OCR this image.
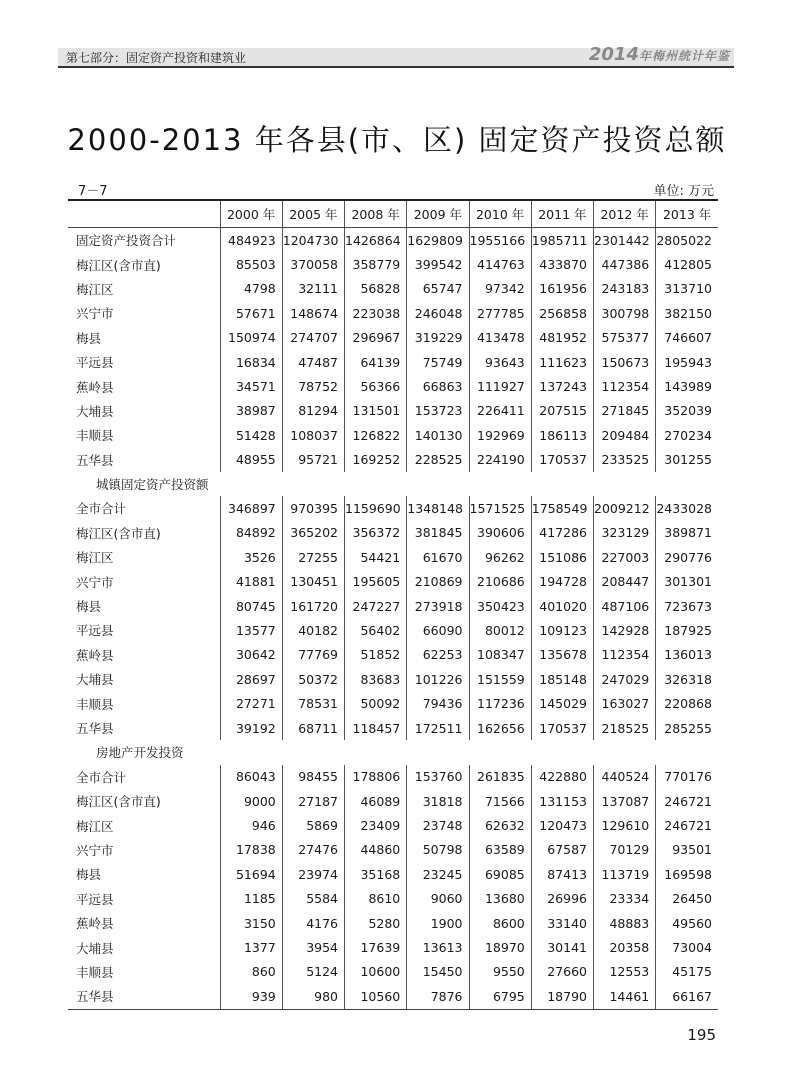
第七部分：固定资产投资和建筑业	2014年梅州统计年鉴
2000-2013 年各县(市、区) 固定资产投资总额
7－7	单位: 万元
	2000 年	2005 年	2008 年	2009 年	2010 年	2011 年	2012 年	2013 年
固定资产投资合计	484923	1204730	1426864	1629809	1955166	1985711	2301442	2805022
梅江区(含市直)	85503	370058	358779	399542	414763	433870	447386	412805
梅江区	4798	32111	56828	65747	97342	161956	243183	313710
兴宁市	57671	148674	223038	246048	277785	256858	300798	382150
梅县	150974	274707	296967	319229	413478	481952	575377	746607
平远县	16834	47487	64139	75749	93643	111623	150673	195943
蕉岭县	34571	78752	56366	66863	111927	137243	112354	143989
大埔县	38987	81294	131501	153723	226411	207515	271845	352039
丰顺县	51428	108037	126822	140130	192969	186113	209484	270234
五华县	48955	95721	169252	228525	224190	170537	233525	301255
城镇固定资产投资额								
全市合计	346897	970395	1159690	1348148	1571525	1758549	2009212	2433028
梅江区(含市直)	84892	365202	356372	381845	390606	417286	323129	389871
梅江区	3526	27255	54421	61670	96262	151086	227003	290776
兴宁市	41881	130451	195605	210869	210686	194728	208447	301301
梅县	80745	161720	247227	273918	350423	401020	487106	723673
平远县	13577	40182	56402	66090	80012	109123	142928	187925
蕉岭县	30642	77769	51852	62253	108347	135678	112354	136013
大埔县	28697	50372	83683	101226	151559	185148	247029	326318
丰顺县	27271	78531	50092	79436	117236	145029	163027	220868
五华县	39192	68711	118457	172511	162656	170537	218525	285255
房地产开发投资								
全市合计	86043	98455	178806	153760	261835	422880	440524	770176
梅江区(含市直)	9000	27187	46089	31818	71566	131153	137087	246721
梅江区	946	5869	23409	23748	62632	120473	129610	246721
兴宁市	17838	27476	44860	50798	63589	67587	70129	93501
梅县	51694	23974	35168	23245	69085	87413	113719	169598
平远县	1185	5584	8610	9060	13680	26996	23334	26450
蕉岭县	3150	4176	5280	1900	8600	33140	48883	49560
大埔县	1377	3954	17639	13613	18970	30141	20358	73004
丰顺县	860	5124	10600	15450	9550	27660	12553	45175
五华县	939	980	10560	7876	6795	18790	14461	66167
195
